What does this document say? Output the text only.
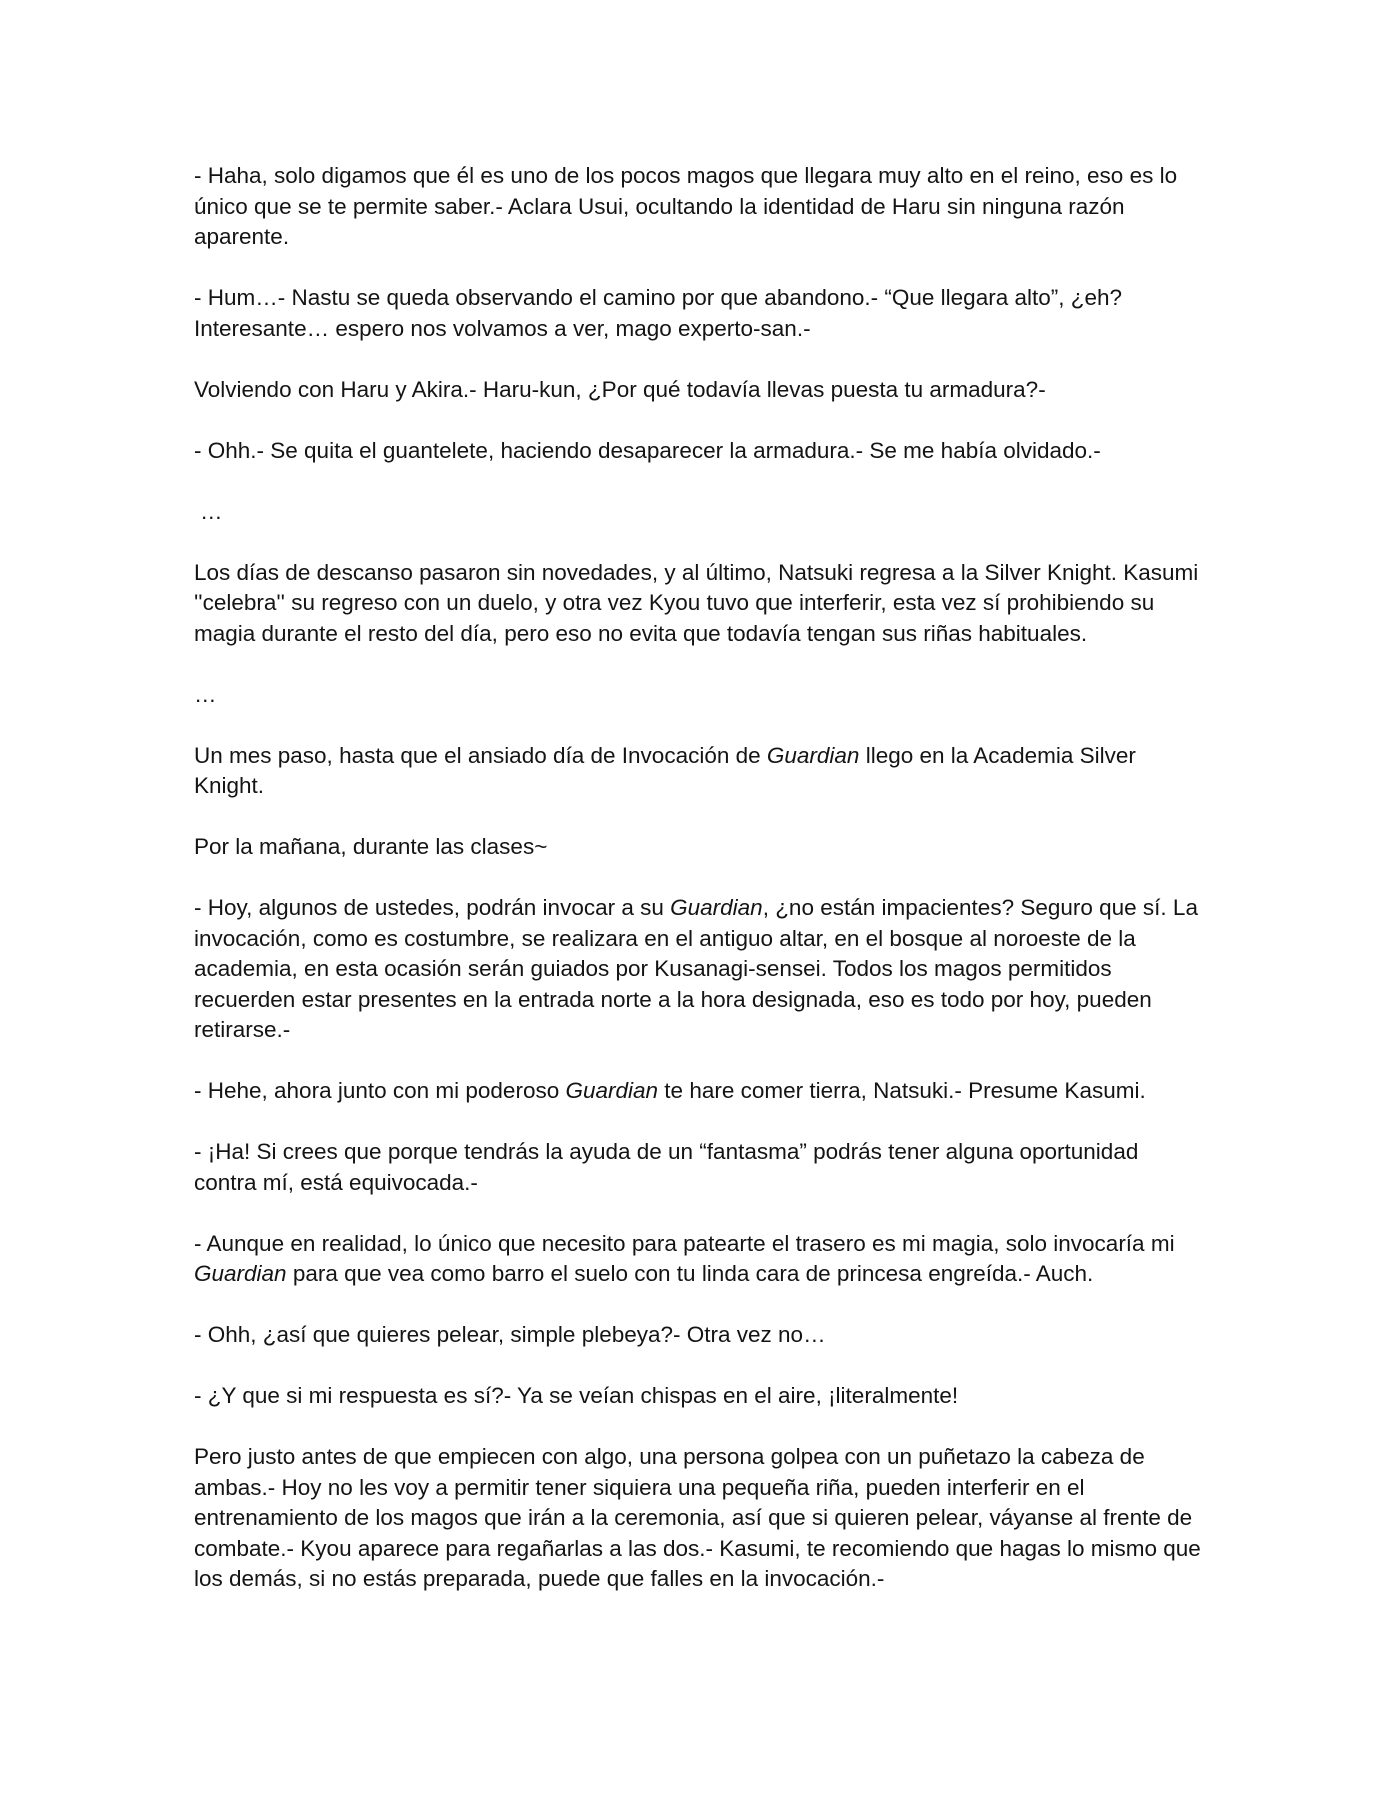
- Haha, solo digamos que él es uno de los pocos magos que llegara muy alto en el reino, eso es lo único que se te permite saber.- Aclara Usui, ocultando la identidad de Haru sin ninguna razón aparente.

- Hum…- Nastu se queda observando el camino por que abandono.- “Que llegara alto”, ¿eh? Interesante… espero nos volvamos a ver, mago experto-san.-

Volviendo con Haru y Akira.- Haru-kun, ¿Por qué todavía llevas puesta tu armadura?-

- Ohh.- Se quita el guantelete, haciendo desaparecer la armadura.- Se me había olvidado.-

…

Los días de descanso pasaron sin novedades, y al último, Natsuki regresa a la Silver Knight. Kasumi ''celebra'' su regreso con un duelo, y otra vez Kyou tuvo que interferir, esta vez sí prohibiendo su magia durante el resto del día, pero eso no evita que todavía tengan sus riñas habituales.

…

Un mes paso, hasta que el ansiado día de Invocación de Guardian llego en la Academia Silver Knight.

Por la mañana, durante las clases~

- Hoy, algunos de ustedes, podrán invocar a su Guardian, ¿no están impacientes? Seguro que sí. La invocación, como es costumbre, se realizara en el antiguo altar, en el bosque al noroeste de la academia, en esta ocasión serán guiados por Kusanagi-sensei. Todos los magos permitidos recuerden estar presentes en la entrada norte a la hora designada, eso es todo por hoy, pueden retirarse.-

- Hehe, ahora junto con mi poderoso Guardian te hare comer tierra, Natsuki.- Presume Kasumi.

- ¡Ha! Si crees que porque tendrás la ayuda de un “fantasma” podrás tener alguna oportunidad contra mí, está equivocada.-

- Aunque en realidad, lo único que necesito para patearte el trasero es mi magia, solo invocaría mi Guardian para que vea como barro el suelo con tu linda cara de princesa engreída.- Auch.

- Ohh, ¿así que quieres pelear, simple plebeya?- Otra vez no…

- ¿Y que si mi respuesta es sí?- Ya se veían chispas en el aire, ¡literalmente!

Pero justo antes de que empiecen con algo, una persona golpea con un puñetazo la cabeza de ambas.- Hoy no les voy a permitir tener siquiera una pequeña riña, pueden interferir en el entrenamiento de los magos que irán a la ceremonia, así que si quieren pelear, váyanse al frente de combate.- Kyou aparece para regañarlas a las dos.- Kasumi, te recomiendo que hagas lo mismo que los demás, si no estás preparada, puede que falles en la invocación.-
